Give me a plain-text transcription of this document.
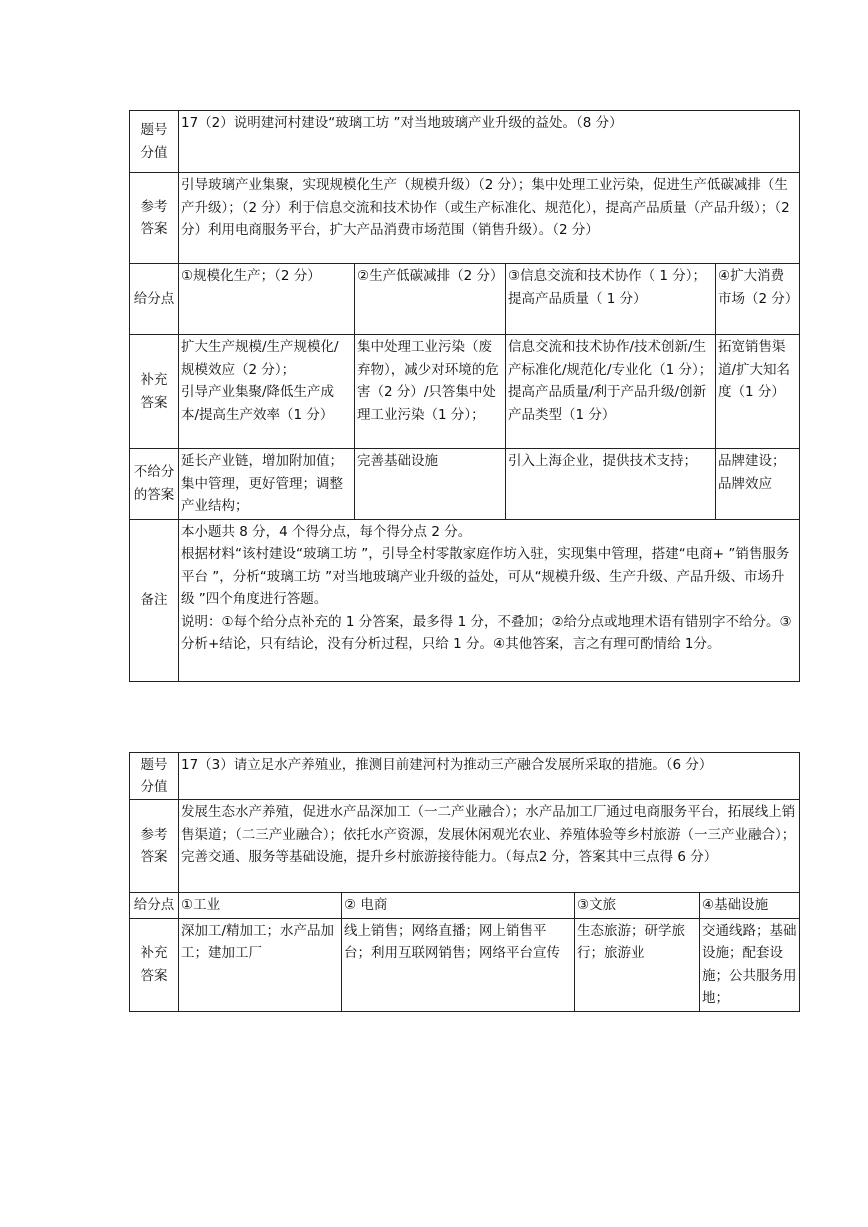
题号
分值	17（2）说明建河村建设“玻璃工坊 ”对当地玻璃产业升级的益处。（8 分）			
参考
答案	引导玻璃产业集聚，实现规模化生产（规模升级）（2 分）；集中处理工业污染，促进生产低碳减排（生产升级）；（2 分）利于信息交流和技术协作（或生产标准化、规范化），提高产品质量（产品升级）；（2 分）利用电商服务平台，扩大产品消费市场范围（销售升级）。（2 分）			
给分点	①规模化生产；（2 分）	②生产低碳减排（2 分）	③信息交流和技术协作（ 1 分）；提高产品质量（ 1 分）	④扩大消费市场（2 分）
补充
答案	扩大生产规模/生产规模化/规模效应（2 分）；
引导产业集聚/降低生产成本/提高生产效率（1 分）	集中处理工业污染（废弃物），减少对环境的危害（2 分）/只答集中处理工业污染（1 分）；	信息交流和技术协作/技术创新/生产标准化/规范化/专业化（1 分）；提高产品质量/利于产品升级/创新产品类型（1 分）	拓宽销售渠道/扩大知名度（1 分）
不给分
的答案	延长产业链，增加附加值；集中管理，更好管理；调整产业结构；	完善基础设施	引入上海企业，提供技术支持；	品牌建设；品牌效应
备注	本小题共 8 分，4 个得分点，每个得分点 2 分。
根据材料“该村建设“玻璃工坊 ”，引导全村零散家庭作坊入驻，实现集中管理，搭建“电商+ ”销售服务平台 ”，分析“玻璃工坊 ”对当地玻璃产业升级的益处，可从“规模升级、生产升级、产品升级、市场升级 ”四个角度进行答题。
说明：①每个给分点补充的 1 分答案，最多得 1 分，不叠加；②给分点或地理术语有错别字不给分。③分析+结论，只有结论，没有分析过程，只给 1 分。④其他答案，言之有理可酌情给 1分。			
题号
分值	17（3）请立足水产养殖业，推测目前建河村为推动三产融合发展所采取的措施。（6 分）			
参考
答案	发展生态水产养殖，促进水产品深加工（一二产业融合）；水产品加工厂通过电商服务平台，拓展线上销售渠道；（二三产业融合）；依托水产资源，发展休闲观光农业、养殖体验等乡村旅游（一三产业融合）；完善交通、服务等基础设施，提升乡村旅游接待能力。（每点2 分，答案其中三点得 6 分）			
给分点	①工业	② 电商	③文旅	④基础设施
补充
答案	深加工/精加工；水产品加工；建加工厂	线上销售；网络直播；网上销售平台；利用互联网销售；网络平台宣传	生态旅游；研学旅行；旅游业	交通线路；基础设施；配套设施；公共服务用地；
